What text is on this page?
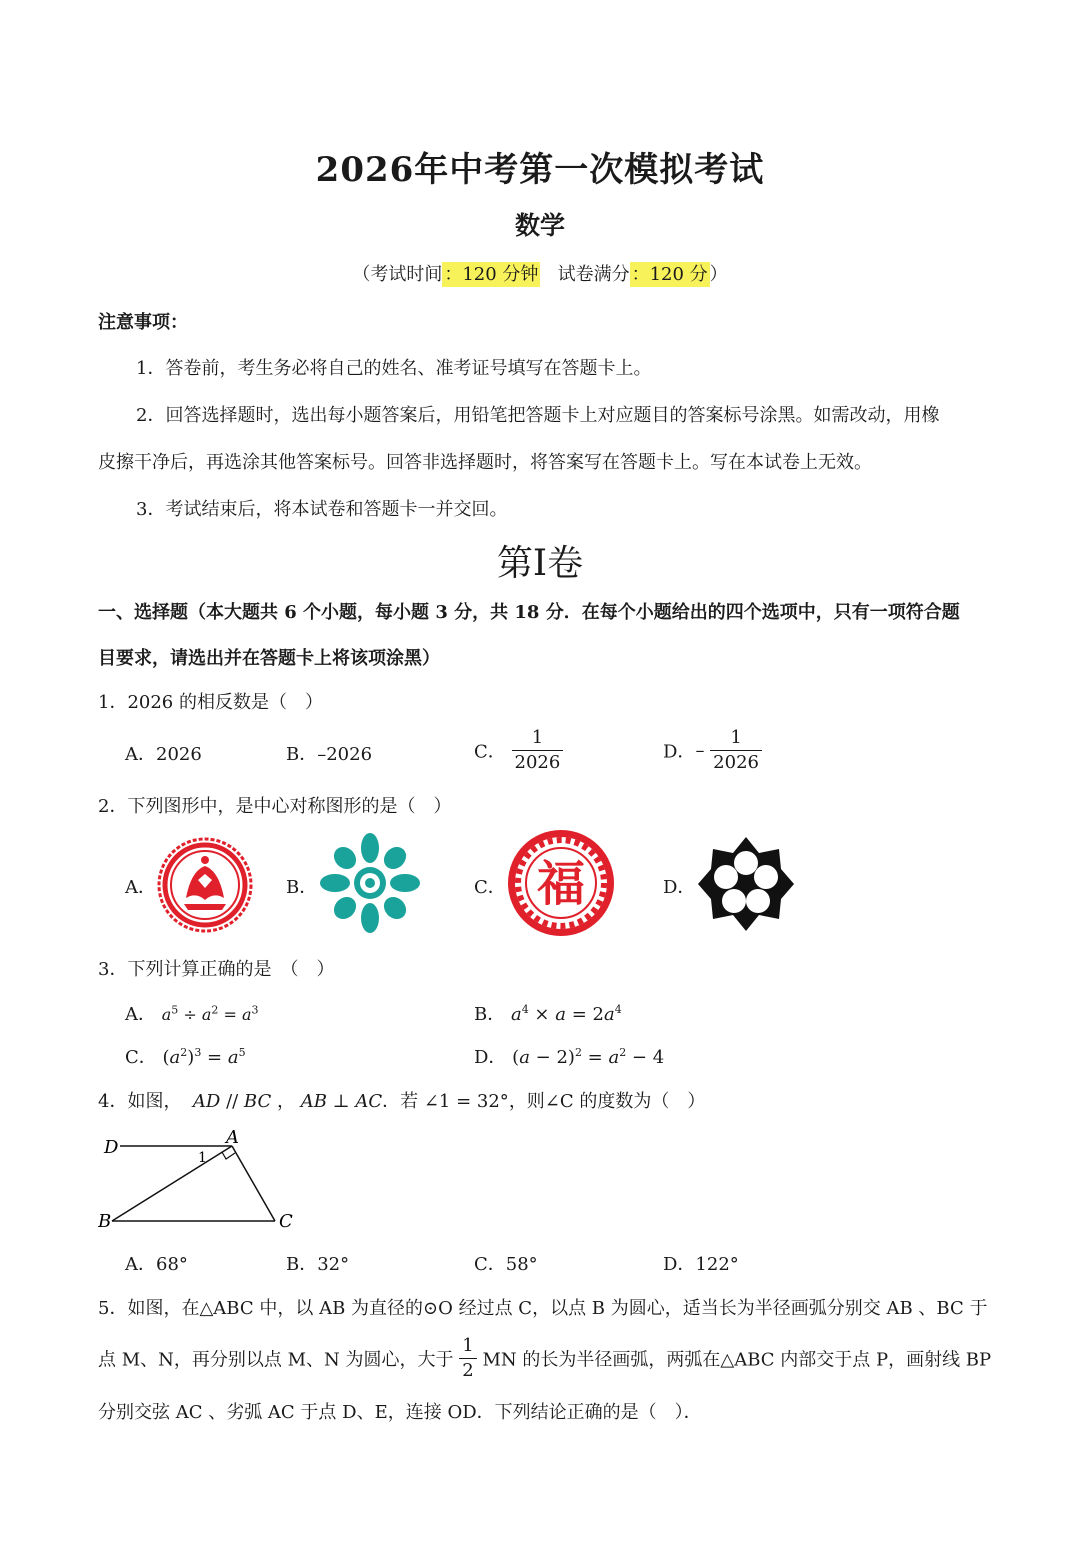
2026年中考第一次模拟考试
数学
（考试时间 ：120 分钟 试卷满分 ：120 分 ）
注意事项：
1．答卷前，考生务必将自己的姓名、准考证号填写在答题卡上。
2．回答选择题时，选出每小题答案后，用铅笔把答题卡上对应题目的答案标号涂黑。如需改动，用橡
皮擦干净后，再选涂其他答案标号。回答非选择题时，将答案写在答题卡上。写在本试卷上无效。
3．考试结束后，将本试卷和答题卡一并交回。
第I卷
一、选择题（本大题共 6 个小题，每小题 3 分，共 18 分．在每个小题给出的四个选项中，只有一项符合题
目要求，请选出并在答题卡上将该项涂黑）
1．2026 的相反数是（　）
A．2026	B．–2026	C． $\frac{1}{2026}$	D．– $\frac{1}{2026}$
2．下列图形中，是中心对称图形的是（　）
A．	B．	C．	D．
福
3．下列计算正确的是　（　）
A． $a^5 \div a^2 = a^3$	B． $a^4 \times a = 2a^4$
C． $(a^2)^3 = a^5$	D． $(a - 2)^2 = a^2 - 4$
4．如图， AD // BC ， AB ⊥ AC．若 ∠1 = 32°，则∠C 的度数为（　）
D	A
B	C
1
A．68°	B．32°	C．58°	D．122°
5．如图，在△ABC 中，以 AB 为直径的⊙O 经过点 C，以点 B 为圆心，适当长为半径画弧分别交 AB 、BC 于
点 M、N，再分别以点 M、N 为圆心，大于 $\frac{1}{2}$ MN 的长为半径画弧，两弧在△ABC 内部交于点 P，画射线 BP
分别交弦 AC 、劣弧 AC 于点 D、E，连接 OD．下列结论正确的是（　）．
